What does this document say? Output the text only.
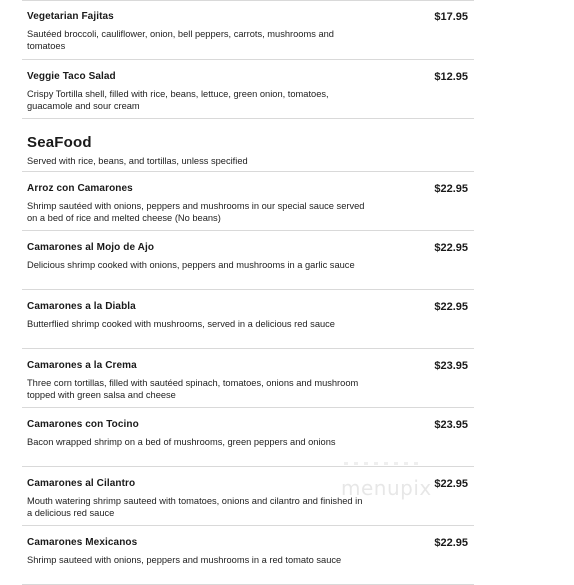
Vegetarian Fajitas	$17.95
Sautéed broccoli, cauliflower, onion, bell peppers, carrots, mushrooms and tomatoes
Veggie Taco Salad	$12.95
Crispy Tortilla shell, filled with rice, beans, lettuce, green onion, tomatoes, guacamole and sour cream
SeaFood
Served with rice, beans, and tortillas, unless specified
Arroz con Camarones	$22.95
Shrimp sautéed with onions, peppers and mushrooms in our special sauce served on a bed of rice and melted cheese (No beans)
Camarones al Mojo de Ajo	$22.95
Delicious shrimp cooked with onions, peppers and mushrooms in a garlic sauce
Camarones a la Diabla	$22.95
Butterflied shrimp cooked with mushrooms, served in a delicious red sauce
Camarones a la Crema	$23.95
Three corn tortillas, filled with sautéed spinach, tomatoes, onions and mushroom topped with green salsa and cheese
Camarones con Tocino	$23.95
Bacon wrapped shrimp on a bed of mushrooms, green peppers and onions
Camarones al Cilantro	$22.95
Mouth watering shrimp sauteed with tomatoes, onions and cilantro and finished in a delicious red sauce
Camarones Mexicanos	$22.95
Shrimp sauteed with onions, peppers and mushrooms in a red tomato sauce
menupix
